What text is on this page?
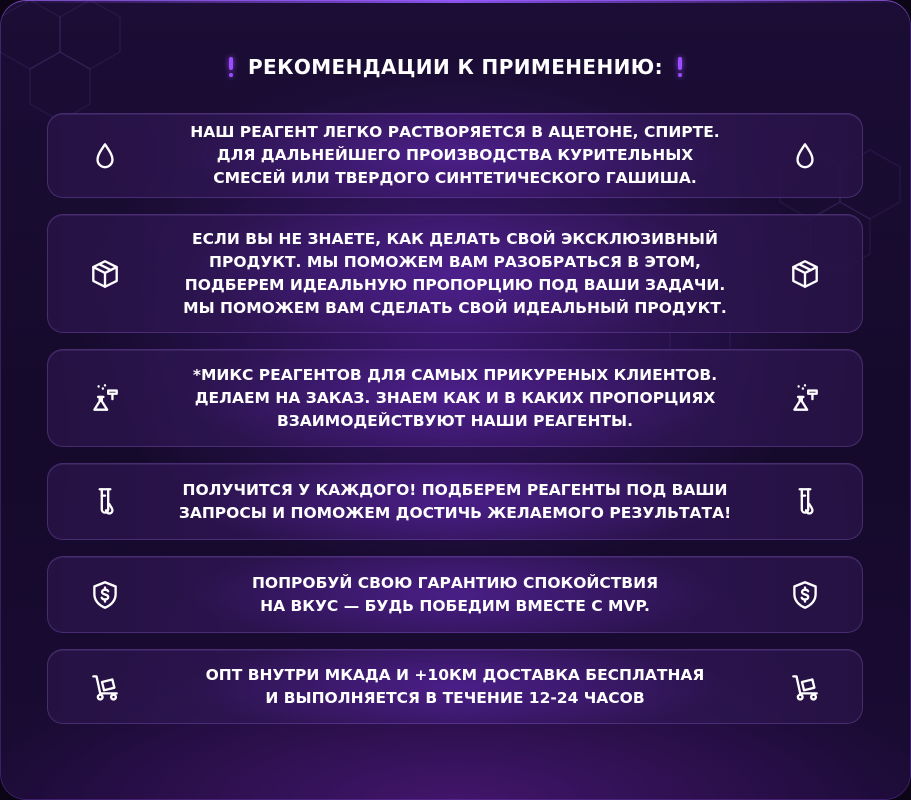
РЕКОМЕНДАЦИИ К ПРИМЕНЕНИЮ:
НАШ РЕАГЕНТ ЛЕГКО РАСТВОРЯЕТСЯ В АЦЕТОНЕ, СПИРТЕ.
ДЛЯ ДАЛЬНЕЙШЕГО ПРОИЗВОДСТВА КУРИТЕЛЬНЫХ
СМЕСЕЙ ИЛИ ТВЕРДОГО СИНТЕТИЧЕСКОГО ГАШИША.
ЕСЛИ ВЫ НЕ ЗНАЕТЕ, КАК ДЕЛАТЬ СВОЙ ЭКСКЛЮЗИВНЫЙ
ПРОДУКТ. МЫ ПОМОЖЕМ ВАМ РАЗОБРАТЬСЯ В ЭТОМ,
ПОДБЕРЕМ ИДЕАЛЬНУЮ ПРОПОРЦИЮ ПОД ВАШИ ЗАДАЧИ.
МЫ ПОМОЖЕМ ВАМ СДЕЛАТЬ СВОЙ ИДЕАЛЬНЫЙ ПРОДУКТ.
*МИКС РЕАГЕНТОВ ДЛЯ САМЫХ ПРИКУРЕНЫХ КЛИЕНТОВ.
ДЕЛАЕМ НА ЗАКАЗ. ЗНАЕМ КАК И В КАКИХ ПРОПОРЦИЯХ
ВЗАИМОДЕЙСТВУЮТ НАШИ РЕАГЕНТЫ.
ПОЛУЧИТСЯ У КАЖДОГО! ПОДБЕРЕМ РЕАГЕНТЫ ПОД ВАШИ
ЗАПРОСЫ И ПОМОЖЕМ ДОСТИЧЬ ЖЕЛАЕМОГО РЕЗУЛЬТАТА!
ПОПРОБУЙ СВОЮ ГАРАНТИЮ СПОКОЙСТВИЯ
НА ВКУС — БУДЬ ПОБЕДИМ ВМЕСТЕ С MVP.
ОПТ ВНУТРИ МКАДА И +10КМ ДОСТАВКА БЕСПЛАТНАЯ
И ВЫПОЛНЯЕТСЯ В ТЕЧЕНИЕ 12-24 ЧАСОВ
